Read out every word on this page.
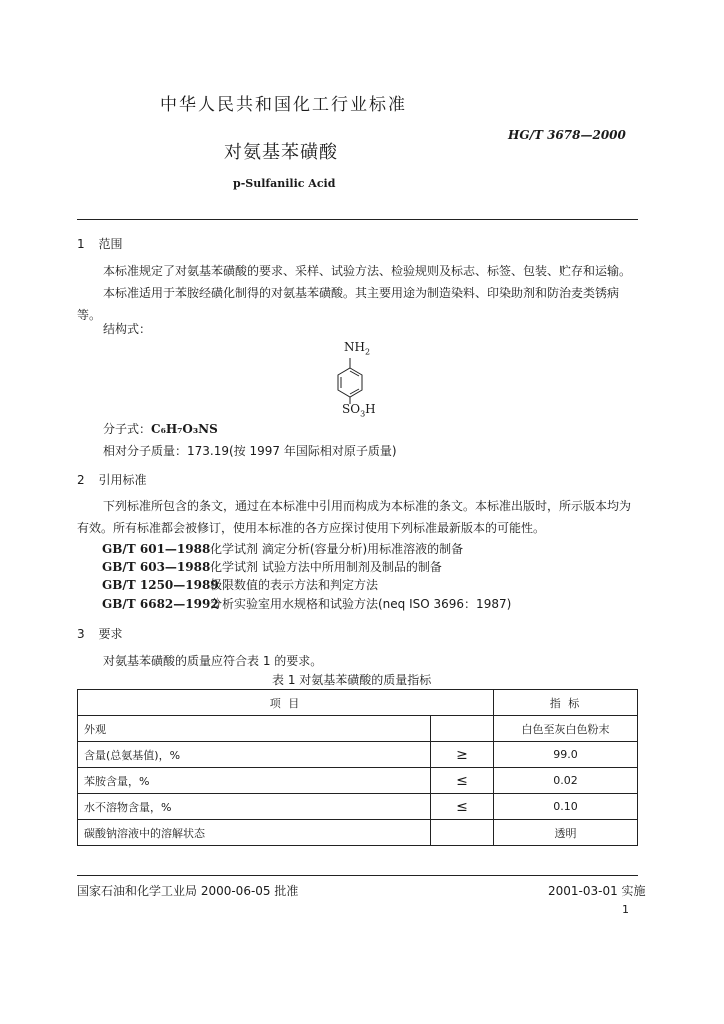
中华人民共和国化工行业标准
HG/T 3678—2000
对氨基苯磺酸
p-Sulfanilic Acid
1 范围
本标准规定了对氨基苯磺酸的要求、采样、试验方法、检验规则及标志、标签、包装、贮存和运输。
本标准适用于苯胺经磺化制得的对氨基苯磺酸。其主要用途为制造染料、印染助剂和防治麦类锈病等。
结构式：
$NH_2$
$SO_3H$
分子式：C₆H₇O₃NS
相对分子质量：173.19(按 1997 年国际相对原子质量)
2 引用标准
下列标准所包含的条文，通过在本标准中引用而构成为本标准的条文。本标准出版时，所示版本均为有效。所有标准都会被修订，使用本标准的各方应探讨使用下列标准最新版本的可能性。
GB/T 601—1988化学试剂 滴定分析(容量分析)用标准溶液的制备
GB/T 603—1988化学试剂 试验方法中所用制剂及制品的制备
GB/T 1250—1989极限数值的表示方法和判定方法
GB/T 6682—1992分析实验室用水规格和试验方法(neq ISO 3696：1987)
3 要求
对氨基苯磺酸的质量应符合表 1 的要求。
表 1 对氨基苯磺酸的质量指标
项 目		指 标
外观		白色至灰白色粉末
含量(总氨基值)，%	≥	99.0
苯胺含量，%	≤	0.02
水不溶物含量，%	≤	0.10
碳酸钠溶液中的溶解状态		透明
国家石油和化学工业局 2000-06-05 批准	2001-03-01 实施
1
